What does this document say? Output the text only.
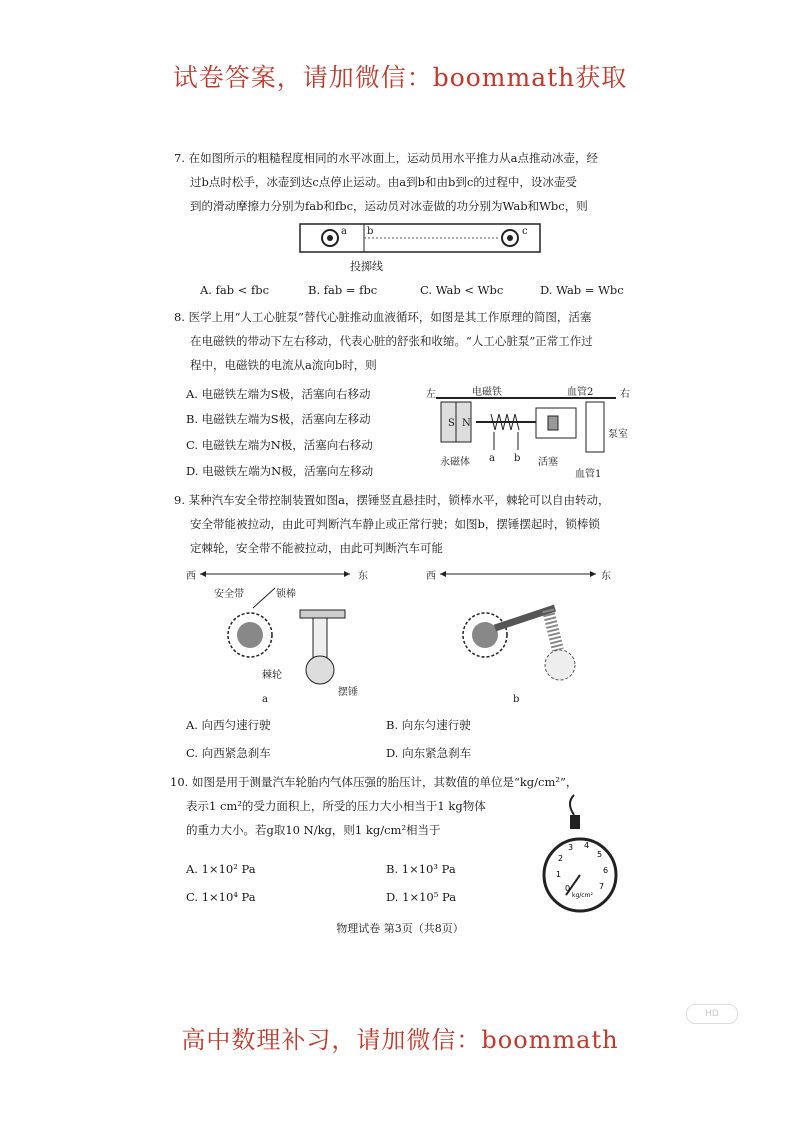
试卷答案，请加微信：boommath获取

7. 在如图所示的粗糙程度相同的水平冰面上，运动员用水平推力从a点推动冰壶，经

过b点时松手，冰壶到达c点停止运动。由a到b和由b到c的过程中，设冰壶受

到的滑动摩擦力分别为fab和fbc，运动员对冰壶做的功分别为Wab和Wbc，则

a b	c
投掷线
A. fab < fbc	B. fab = fbc	C. Wab < Wbc	D. Wab = Wbc

8. 医学上用“人工心脏泵”替代心脏推动血液循环，如图是其工作原理的简图，活塞

在电磁铁的带动下左右移动，代表心脏的舒张和收缩。“人工心脏泵”正常工作过

程中，电磁铁的电流从a流向b时，则

A. 电磁铁左端为S极，活塞向右移动
B. 电磁铁左端为S极，活塞向左移动
C. 电磁铁左端为N极，活塞向右移动
D. 电磁铁左端为N极，活塞向左移动
左	电磁铁	血管2	右
S N
泵室
永磁体 a b 活塞
血管1

9. 某种汽车安全带控制装置如图a，摆锤竖直悬挂时，锁棒水平，棘轮可以自由转动，

安全带能被拉动，由此可判断汽车静止或正常行驶；如图b，摆锤摆起时，锁棒锁

定棘轮，安全带不能被拉动，由此可判断汽车可能

西	东	西	东
安全带	锁棒
棘轮
摆锤
a	b
A. 向西匀速行驶	B. 向东匀速行驶
C. 向西紧急刹车	D. 向东紧急刹车

10. 如图是用于测量汽车轮胎内气体压强的胎压计，其数值的单位是“kg/cm²”，

表示1 cm²的受力面积上，所受的压力大小相当于1 kg物体

的重力大小。若g取10 N/kg，则1 kg/cm²相当于

A. 1×10² Pa	B. 1×10³ Pa
C. 1×10⁴ Pa	D. 1×10⁵ Pa	kg/cm²
0
1
2
3 4
5
6
7
物理试卷 第3页（共8页）
HD
高中数理补习，请加微信：boommath
